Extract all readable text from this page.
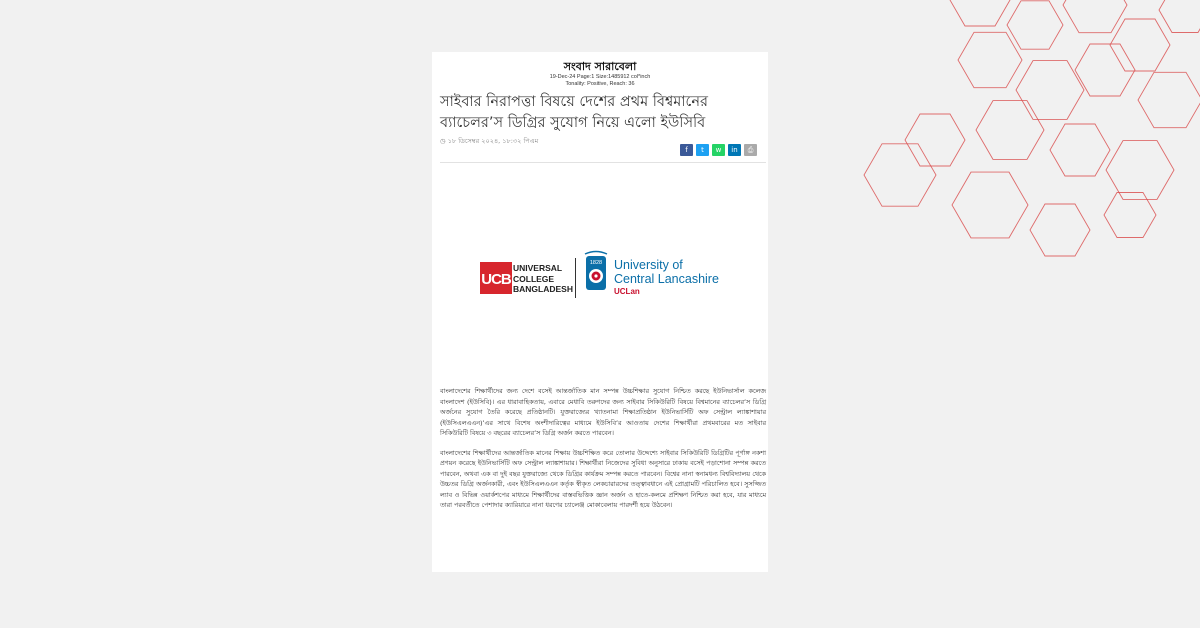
সংবাদ সারাবেলা
19-Dec-24 Page:1 Size:1485912 col*inch
Tonality: Positive, Reach: 36
সাইবার নিরাপত্তা বিষয়ে দেশের প্রথম বিশ্বমানের ব্যাচেলর’স ডিগ্রির সুযোগ নিয়ে এলো ইউসিবি
◷ ১৮ ডিসেম্বর ২০২৪, ১৮:৩২ পিএম
f	t	w	in	⎙
UCB
UNIVERSAL
COLLEGE
BANGLADESH
1828 University of
Central Lancashire
UCLan

বাংলাদেশের শিক্ষার্থীদের জন্য দেশে বসেই আন্তর্জাতিক মান সম্পন্ন উচ্চশিক্ষার সুযোগ নিশ্চিত করছে ইউনিভার্সাল কলেজ বাংলাদেশ (ইউসিবি)। এর ধারাবাহিকতায়, এবারে মেধাবি তরুণদের জন্য সাইবার সিকিউরিটি বিষয়ে বিশ্বমানের ব্যাচেলর’স ডিগ্রি অর্জনের সুযোগ তৈরি করেছে প্রতিষ্ঠানটি। যুক্তরাজ্যের খ্যাতনামা শিক্ষাপ্রতিষ্ঠান ইউনিভার্সিটি অফ সেন্ট্রাল ল্যাঙ্কাশায়ার (ইউসিএলএএন)’এর সাথে বিশেষ অংশীদারিত্বের মাধ্যমে ইউসিবি’র আওতায় দেশের শিক্ষার্থীরা প্রথমবারের মত সাইবার সিকিউরিটি বিষয়ে ৩ বছরের ব্যাচেলর’স ডিগ্রি অর্জন করতে পারবেন।

বাংলাদেশের শিক্ষার্থীদের আন্তর্জাতিক মানের শিক্ষায় উচ্চশিক্ষিত করে তোলার উদ্দেশ্যে সাইবার সিকিউরিটি ডিগ্রিটির পূর্ণাঙ্গ নকশা প্রণয়ন করেছে ইউনিভার্সিটি অফ সেন্ট্রাল ল্যাঙ্কাশায়ার। শিক্ষার্থীরা নিজেদের সুবিধা অনুসারে ঢাকায় বসেই পড়াশোনা সম্পন্ন করতে পারবেন, অথবা এক বা দুই বছর যুক্তরাজ্যে থেকে ডিগ্রির কার্যক্রম সম্পন্ন করতে পারবেন। বিশ্বের নানা স্বনামধন্য বিশ্ববিদ্যালয় থেকে উচ্চতর ডিগ্রি অর্জনকারী, এবং ইউসিএলএএন কর্তৃক স্বীকৃত লেকচারারদের তত্ত্বাবধানে এই প্রোগ্রামটি পরিচালিত হবে। সুসজ্জিত ল্যাব ও বিভিন্ন ওয়ার্কশপের মাধ্যমে শিক্ষার্থীদের বাস্তবভিত্তিক জ্ঞান অর্জন ও হাতে-কলমে প্রশিক্ষণ নিশ্চিত করা হবে, যার মাধ্যমে তারা পরবর্তীতে পেশাদার ক্যারিয়ারে নানা ধরণের চ্যালেঞ্জ মোকাবেলায় পারদর্শী হয়ে উঠবেন।
